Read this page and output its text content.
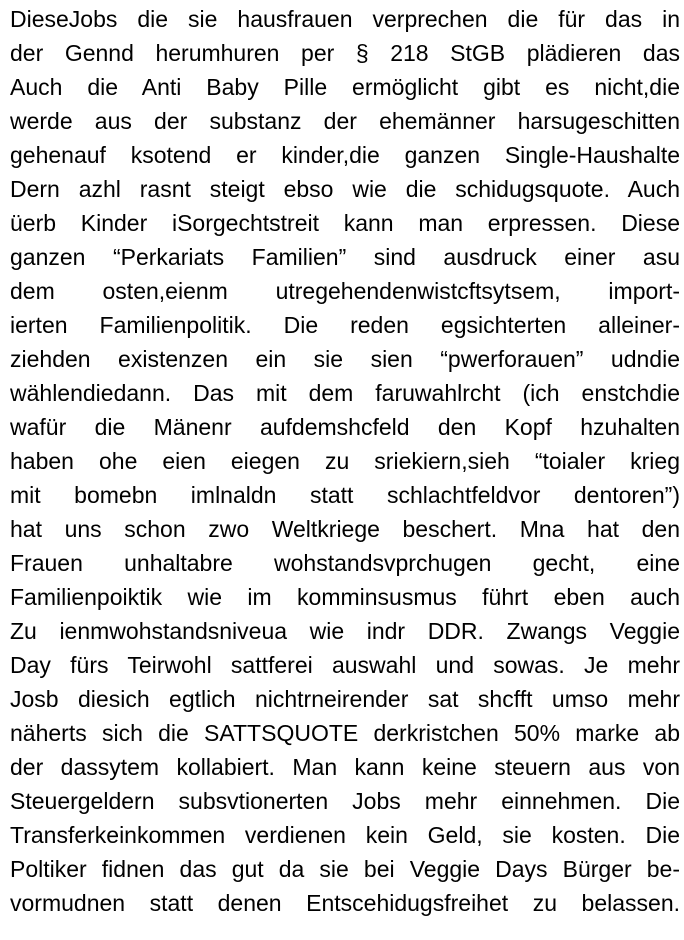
DieseJobs die sie hausfrauen verprechen die für das in
der Gennd herumhuren per § 218 StGB plädieren das
Auch die Anti Baby Pille ermöglicht gibt es nicht,die
werde aus der substanz der ehemänner harsugeschitten
gehenauf ksotend er kinder,die ganzen Single-Haushalte
Dern azhl rasnt steigt ebso wie die schidugsquote. Auch
üerb Kinder iSorgechtstreit kann man erpressen. Diese
ganzen “Perkariats Familien” sind ausdruck einer asu
dem osten,eienm utregehendenwistcftsytsem, import-
ierten Familienpolitik. Die reden egsichterten alleiner-
ziehden existenzen ein sie sien “pwerforauen” udndie
wählendiedann. Das mit dem faruwahlrcht (ich enstchdie
wafür die Mänenr aufdemshcfeld den Kopf hzuhalten
haben ohe eien eiegen zu sriekiern,sieh “toialer krieg
mit bomebn imlnaldn statt schlachtfeldvor dentoren”)
hat uns schon zwo Weltkriege beschert. Mna hat den
Frauen unhaltabre wohstandsvprchugen gecht, eine
Familienpoiktik wie im komminsusmus führt eben auch
Zu ienmwohstandsniveua wie indr DDR. Zwangs Veggie
Day fürs Teirwohl sattferei auswahl und sowas. Je mehr
Josb diesich egtlich nichtrneirender sat shcfft umso mehr
näherts sich die SATTSQUOTE derkristchen 50% marke ab
der dassytem kollabiert. Man kann keine steuern aus von
Steuergeldern subsvtionerten Jobs mehr einnehmen. Die
Transferkeinkommen verdienen kein Geld, sie kosten. Die
Poltiker fidnen das gut da sie bei Veggie Days Bürger be-
vormudnen statt denen Entscehidugsfreihet zu belassen.
